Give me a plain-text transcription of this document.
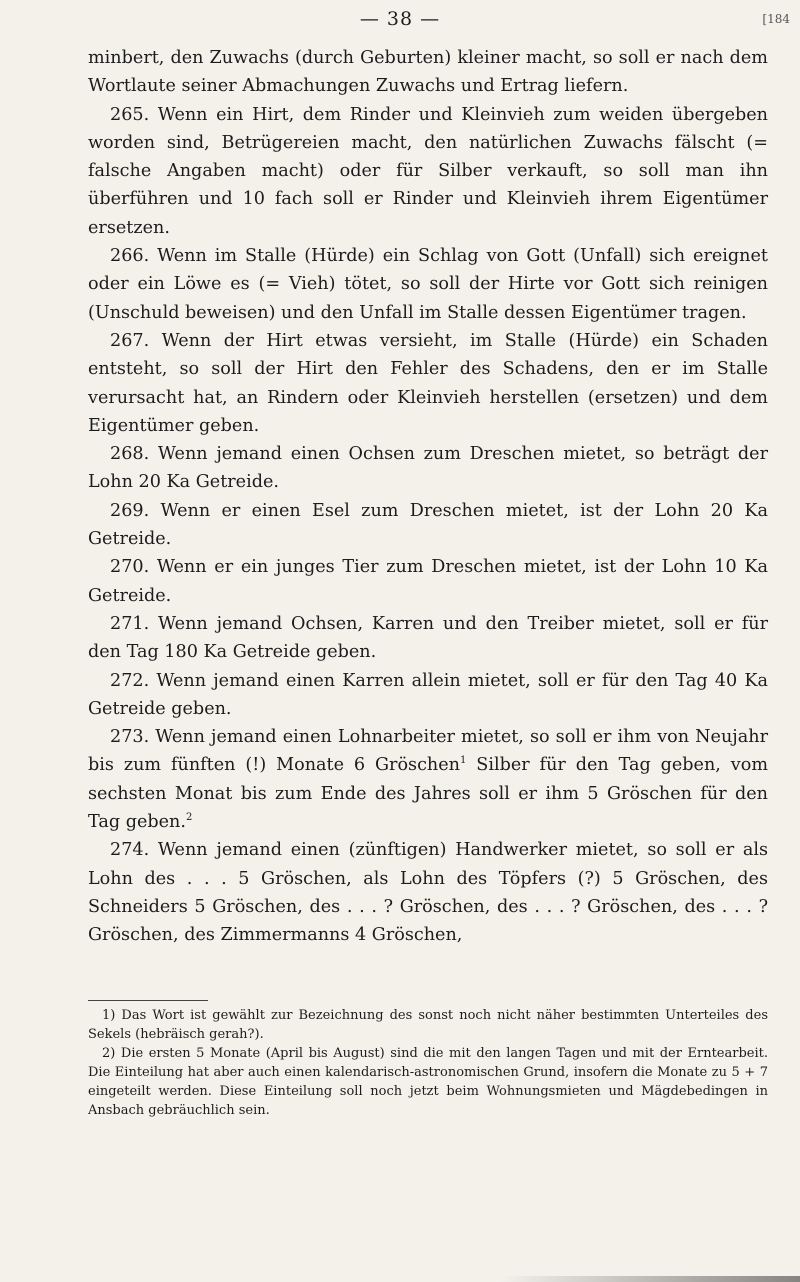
— 38 —	[184

minbert, den Zuwachs (durch Geburten) kleiner macht, so soll er nach dem Wortlaute seiner Abmachungen Zuwachs und Ertrag liefern.

265. Wenn ein Hirt, dem Rinder und Kleinvieh zum weiden übergeben worden sind, Betrügereien macht, den natürlichen Zuwachs fälscht (= falsche Angaben macht) oder für Silber verkauft, so soll man ihn überführen und 10 fach soll er Rinder und Kleinvieh ihrem Eigentümer ersetzen.

266. Wenn im Stalle (Hürde) ein Schlag von Gott (Unfall) sich ereignet oder ein Löwe es (= Vieh) tötet, so soll der Hirte vor Gott sich reinigen (Unschuld beweisen) und den Unfall im Stalle dessen Eigentümer tragen.

267. Wenn der Hirt etwas versieht, im Stalle (Hürde) ein Schaden entsteht, so soll der Hirt den Fehler des Schadens, den er im Stalle verursacht hat, an Rindern oder Kleinvieh herstellen (ersetzen) und dem Eigentümer geben.

268. Wenn jemand einen Ochsen zum Dreschen mietet, so beträgt der Lohn 20 Ka Getreide.

269. Wenn er einen Esel zum Dreschen mietet, ist der Lohn 20 Ka Getreide.

270. Wenn er ein junges Tier zum Dreschen mietet, ist der Lohn 10 Ka Getreide.

271. Wenn jemand Ochsen, Karren und den Treiber mietet, soll er für den Tag 180 Ka Getreide geben.

272. Wenn jemand einen Karren allein mietet, soll er für den Tag 40 Ka Getreide geben.

273. Wenn jemand einen Lohnarbeiter mietet, so soll er ihm von Neujahr bis zum fünften (!) Monate 6 Gröschen$^1$ Silber für den Tag geben, vom sechsten Monat bis zum Ende des Jahres soll er ihm 5 Gröschen für den Tag geben.$^2$

274. Wenn jemand einen (zünftigen) Handwerker mietet, so soll er als Lohn des . . . 5 Gröschen, als Lohn des Töpfers (?) 5 Gröschen, des Schneiders 5 Gröschen, des . . . ? Gröschen, des . . . ? Gröschen, des . . . ? Gröschen, des Zimmermanns 4 Gröschen,

1) Das Wort ist gewählt zur Bezeichnung des sonst noch nicht näher bestimmten Unterteiles des Sekels (hebräisch gerah?).

2) Die ersten 5 Monate (April bis August) sind die mit den langen Tagen und mit der Erntearbeit. Die Einteilung hat aber auch einen kalendarisch-astronomischen Grund, insofern die Monate zu 5 + 7 eingeteilt werden. Diese Einteilung soll noch jetzt beim Wohnungsmieten und Mägdebedingen in Ansbach gebräuchlich sein.
